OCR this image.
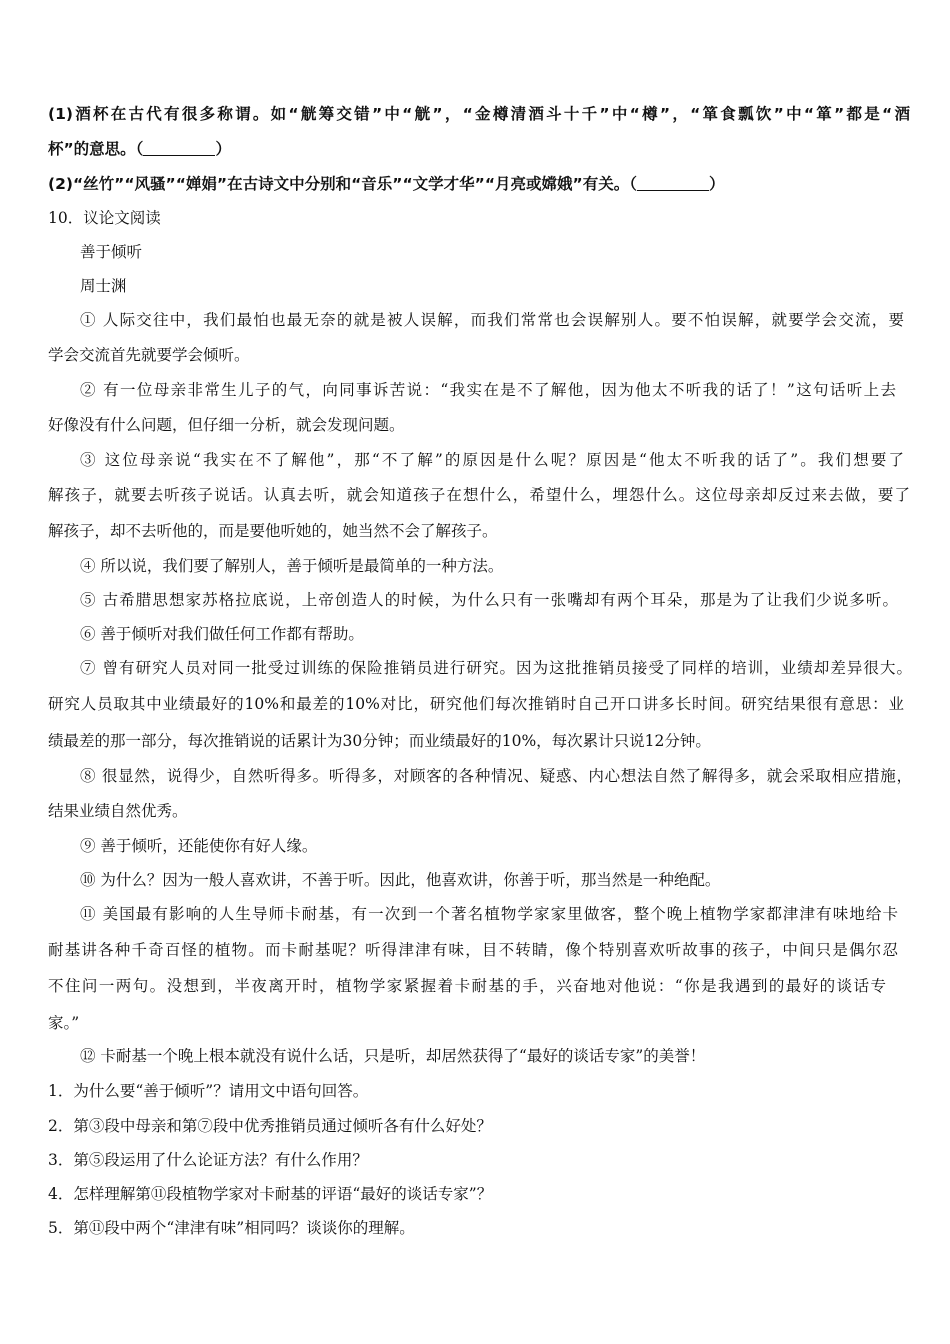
(1)酒杯在古代有很多称谓。如“觥筹交错”中“觥”，“金樽清酒斗十千”中“樽”，“箪食瓢饮”中“箪”都是“酒
杯”的意思。（	）
(2)“丝竹”“风骚”“婵娟”在古诗文中分别和“音乐”“文学才华”“月亮或嫦娥”有关。（	）
10．议论文阅读
善于倾听
周士渊
① 人际交往中，我们最怕也最无奈的就是被人误解，而我们常常也会误解别人。要不怕误解，就要学会交流，要
学会交流首先就要学会倾听。
② 有一位母亲非常生儿子的气，向同事诉苦说：“我实在是不了解他，因为他太不听我的话了！”这句话听上去
好像没有什么问题，但仔细一分析，就会发现问题。
③ 这位母亲说“我实在不了解他”，那“不了解”的原因是什么呢？原因是“他太不听我的话了”。我们想要了
解孩子，就要去听孩子说话。认真去听，就会知道孩子在想什么，希望什么，埋怨什么。这位母亲却反过来去做，要了
解孩子，却不去听他的，而是要他听她的，她当然不会了解孩子。
④ 所以说，我们要了解别人，善于倾听是最简单的一种方法。
⑤ 古希腊思想家苏格拉底说，上帝创造人的时候，为什么只有一张嘴却有两个耳朵，那是为了让我们少说多听。
⑥ 善于倾听对我们做任何工作都有帮助。
⑦ 曾有研究人员对同一批受过训练的保险推销员进行研究。因为这批推销员接受了同样的培训，业绩却差异很大。
研究人员取其中业绩最好的10%和最差的10%对比，研究他们每次推销时自己开口讲多长时间。研究结果很有意思：业
绩最差的那一部分，每次推销说的话累计为30分钟；而业绩最好的10%，每次累计只说12分钟。
⑧ 很显然，说得少，自然听得多。听得多，对顾客的各种情况、疑惑、内心想法自然了解得多，就会采取相应措施，
结果业绩自然优秀。
⑨ 善于倾听，还能使你有好人缘。
⑩ 为什么？因为一般人喜欢讲，不善于听。因此，他喜欢讲，你善于听，那当然是一种绝配。
⑪ 美国最有影响的人生导师卡耐基，有一次到一个著名植物学家家里做客，整个晚上植物学家都津津有味地给卡
耐基讲各种千奇百怪的植物。而卡耐基呢？听得津津有味，目不转睛，像个特别喜欢听故事的孩子，中间只是偶尔忍
不住问一两句。没想到，半夜离开时，植物学家紧握着卡耐基的手，兴奋地对他说：“你是我遇到的最好的谈话专
家。”
⑫ 卡耐基一个晚上根本就没有说什么话，只是听，却居然获得了“最好的谈话专家”的美誉！
1．为什么要“善于倾听”？请用文中语句回答。
2．第③段中母亲和第⑦段中优秀推销员通过倾听各有什么好处？
3．第⑤段运用了什么论证方法？有什么作用？
4．怎样理解第⑪段植物学家对卡耐基的评语“最好的谈话专家”？
5．第⑪段中两个“津津有味”相同吗？谈谈你的理解。
